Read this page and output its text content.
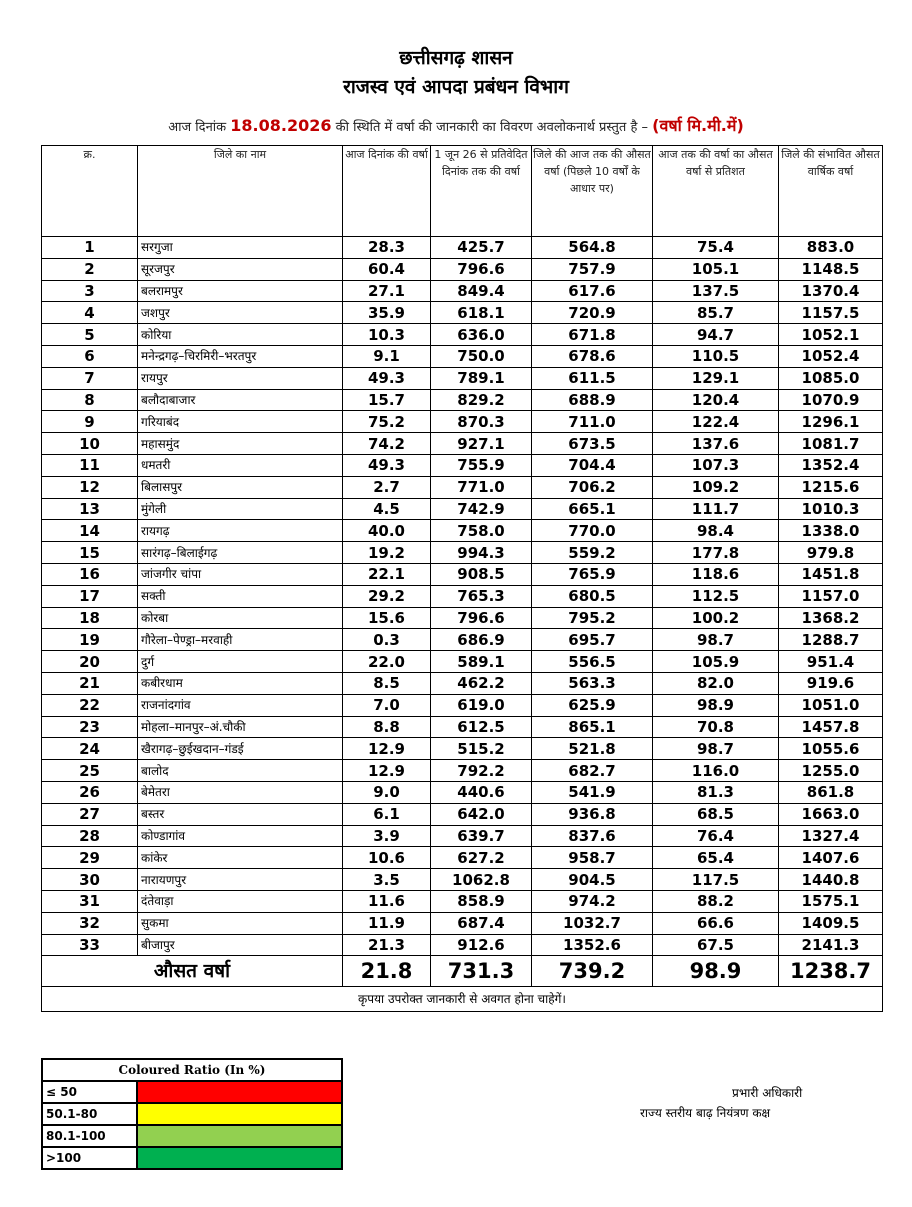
छत्तीसगढ़ शासन
राजस्व एवं आपदा प्रबंधन विभाग
आज दिनांक 18.08.2026 की स्थिति में वर्षा की जानकारी का विवरण अवलोकनार्थ प्रस्तुत है – (वर्षा मि.मी.में)
क्र.	जिले का नाम	आज दिनांक की वर्षा	1 जून 26 से प्रतिवेदित दिनांक तक की वर्षा	जिले की आज तक की औसत वर्षा (पिछले 10 वर्षों के आधार पर)	आज तक की वर्षा का औसत वर्षा से प्रतिशत	जिले की संभावित औसत वार्षिक वर्षा
1	सरगुजा	28.3	425.7	564.8	75.4	883.0
2	सूरजपुर	60.4	796.6	757.9	105.1	1148.5
3	बलरामपुर	27.1	849.4	617.6	137.5	1370.4
4	जशपुर	35.9	618.1	720.9	85.7	1157.5
5	कोरिया	10.3	636.0	671.8	94.7	1052.1
6	मनेन्द्रगढ़–चिरमिरी–भरतपुर	9.1	750.0	678.6	110.5	1052.4
7	रायपुर	49.3	789.1	611.5	129.1	1085.0
8	बलौदाबाजार	15.7	829.2	688.9	120.4	1070.9
9	गरियाबंद	75.2	870.3	711.0	122.4	1296.1
10	महासमुंद	74.2	927.1	673.5	137.6	1081.7
11	धमतरी	49.3	755.9	704.4	107.3	1352.4
12	बिलासपुर	2.7	771.0	706.2	109.2	1215.6
13	मुंगेली	4.5	742.9	665.1	111.7	1010.3
14	रायगढ़	40.0	758.0	770.0	98.4	1338.0
15	सारंगढ़–बिलाईगढ़	19.2	994.3	559.2	177.8	979.8
16	जांजगीर चांपा	22.1	908.5	765.9	118.6	1451.8
17	सक्ती	29.2	765.3	680.5	112.5	1157.0
18	कोरबा	15.6	796.6	795.2	100.2	1368.2
19	गौरेला–पेण्ड्रा–मरवाही	0.3	686.9	695.7	98.7	1288.7
20	दुर्ग	22.0	589.1	556.5	105.9	951.4
21	कबीरधाम	8.5	462.2	563.3	82.0	919.6
22	राजनांदगांव	7.0	619.0	625.9	98.9	1051.0
23	मोहला–मानपुर–अं.चौकी	8.8	612.5	865.1	70.8	1457.8
24	खैरागढ़–छुईखदान–गंडई	12.9	515.2	521.8	98.7	1055.6
25	बालोद	12.9	792.2	682.7	116.0	1255.0
26	बेमेतरा	9.0	440.6	541.9	81.3	861.8
27	बस्तर	6.1	642.0	936.8	68.5	1663.0
28	कोण्डागांव	3.9	639.7	837.6	76.4	1327.4
29	कांकेर	10.6	627.2	958.7	65.4	1407.6
30	नारायणपुर	3.5	1062.8	904.5	117.5	1440.8
31	दंतेवाड़ा	11.6	858.9	974.2	88.2	1575.1
32	सुकमा	11.9	687.4	1032.7	66.6	1409.5
33	बीजापुर	21.3	912.6	1352.6	67.5	2141.3
औसत वर्षा		21.8	731.3	739.2	98.9	1238.7
कृपया उपरोक्त जानकारी से अवगत होना चाहेगें।						
Coloured Ratio (In %)	
≤ 50	
50.1-80	
80.1-100	
>100	
प्रभारी अधिकारी
राज्य स्तरीय बाढ़ नियंत्रण कक्ष
